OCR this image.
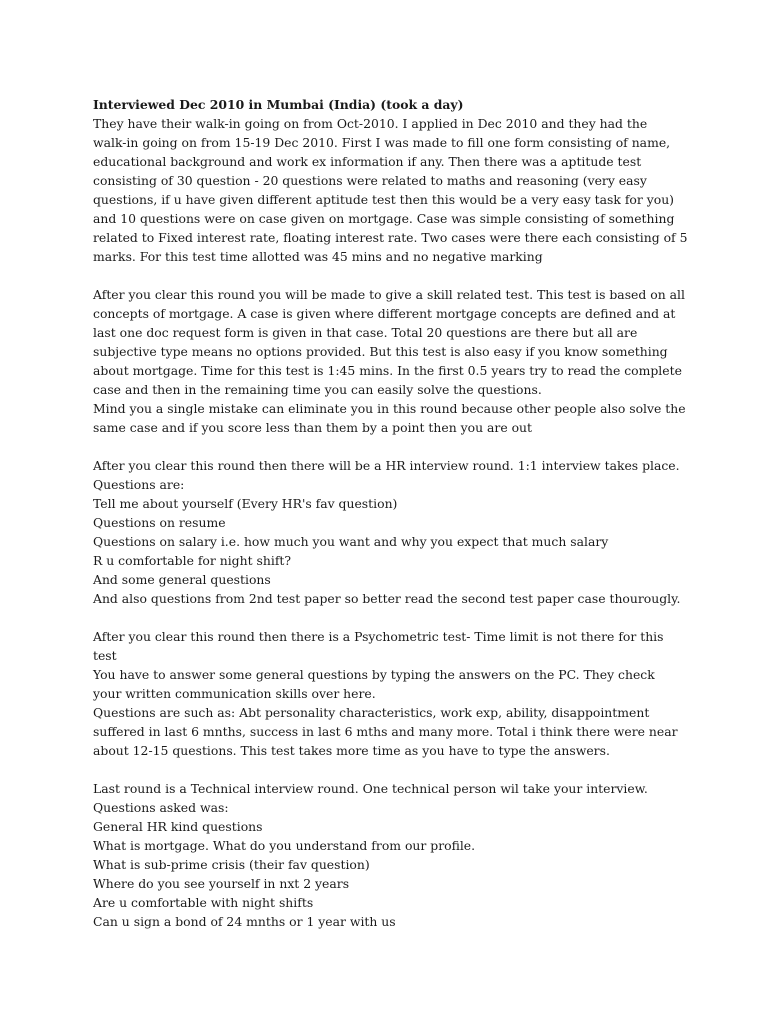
Interviewed Dec 2010 in Mumbai (India) (took a day)

They have their walk-in going on from Oct-2010. I applied in Dec 2010 and they had the
walk-in going on from 15-19 Dec 2010. First I was made to fill one form consisting of name,
educational background and work ex information if any. Then there was a aptitude test
consisting of 30 question - 20 questions were related to maths and reasoning (very easy
questions, if u have given different aptitude test then this would be a very easy task for you)
and 10 questions were on case given on mortgage. Case was simple consisting of something
related to Fixed interest rate, floating interest rate. Two cases were there each consisting of 5
marks. For this test time allotted was 45 mins and no negative marking
After you clear this round you will be made to give a skill related test. This test is based on all
concepts of mortgage. A case is given where different mortgage concepts are defined and at
last one doc request form is given in that case. Total 20 questions are there but all are
subjective type means no options provided. But this test is also easy if you know something
about mortgage. Time for this test is 1:45 mins. In the first 0.5 years try to read the complete
case and then in the remaining time you can easily solve the questions.
Mind you a single mistake can eliminate you in this round because other people also solve the
same case and if you score less than them by a point then you are out
After you clear this round then there will be a HR interview round. 1:1 interview takes place.
Questions are:
Tell me about yourself (Every HR's fav question)
Questions on resume
Questions on salary i.e. how much you want and why you expect that much salary
R u comfortable for night shift?
And some general questions
And also questions from 2nd test paper so better read the second test paper case thourougly.
After you clear this round then there is a Psychometric test- Time limit is not there for this
test
You have to answer some general questions by typing the answers on the PC. They check
your written communication skills over here.
Questions are such as: Abt personality characteristics, work exp, ability, disappointment
suffered in last 6 mnths, success in last 6 mths and many more. Total i think there were near
about 12-15 questions. This test takes more time as you have to type the answers.
Last round is a Technical interview round. One technical person wil take your interview.
Questions asked was:
General HR kind questions
What is mortgage. What do you understand from our profile.
What is sub-prime crisis (their fav question)
Where do you see yourself in nxt 2 years
Are u comfortable with night shifts
Can u sign a bond of 24 mnths or 1 year with us
